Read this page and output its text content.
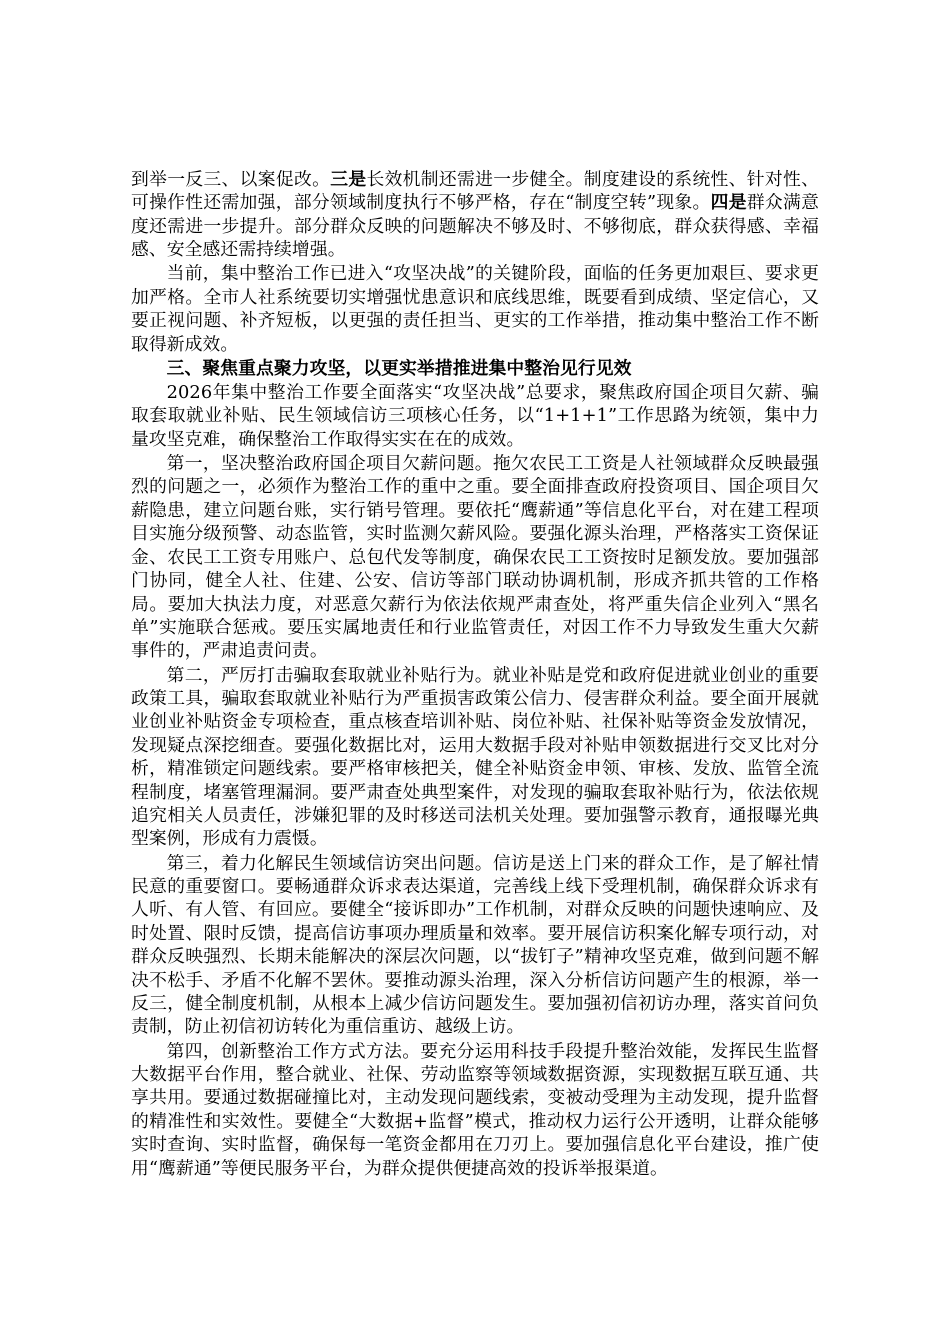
到举一反三、以案促改。三是长效机制还需进一步健全。制度建设的系统性、针对性、可操作性还需加强，部分领域制度执行不够严格，存在“制度空转”现象。四是群众满意度还需进一步提升。部分群众反映的问题解决不够及时、不够彻底，群众获得感、幸福感、安全感还需持续增强。

当前，集中整治工作已进入“攻坚决战”的关键阶段，面临的任务更加艰巨、要求更加严格。全市人社系统要切实增强忧患意识和底线思维，既要看到成绩、坚定信心，又要正视问题、补齐短板，以更强的责任担当、更实的工作举措，推动集中整治工作不断取得新成效。

三、聚焦重点聚力攻坚，以更实举措推进集中整治见行见效

2026年集中整治工作要全面落实“攻坚决战”总要求，聚焦政府国企项目欠薪、骗取套取就业补贴、民生领域信访三项核心任务，以“1+1+1”工作思路为统领，集中力量攻坚克难，确保整治工作取得实实在在的成效。

第一，坚决整治政府国企项目欠薪问题。拖欠农民工工资是人社领域群众反映最强烈的问题之一，必须作为整治工作的重中之重。要全面排查政府投资项目、国企项目欠薪隐患，建立问题台账，实行销号管理。要依托“鹰薪通”等信息化平台，对在建工程项目实施分级预警、动态监管，实时监测欠薪风险。要强化源头治理，严格落实工资保证金、农民工工资专用账户、总包代发等制度，确保农民工工资按时足额发放。要加强部门协同，健全人社、住建、公安、信访等部门联动协调机制，形成齐抓共管的工作格局。要加大执法力度，对恶意欠薪行为依法依规严肃查处，将严重失信企业列入“黑名单”实施联合惩戒。要压实属地责任和行业监管责任，对因工作不力导致发生重大欠薪事件的，严肃追责问责。

第二，严厉打击骗取套取就业补贴行为。就业补贴是党和政府促进就业创业的重要政策工具，骗取套取就业补贴行为严重损害政策公信力、侵害群众利益。要全面开展就业创业补贴资金专项检查，重点核查培训补贴、岗位补贴、社保补贴等资金发放情况，发现疑点深挖细查。要强化数据比对，运用大数据手段对补贴申领数据进行交叉比对分析，精准锁定问题线索。要严格审核把关，健全补贴资金申领、审核、发放、监管全流程制度，堵塞管理漏洞。要严肃查处典型案件，对发现的骗取套取补贴行为，依法依规追究相关人员责任，涉嫌犯罪的及时移送司法机关处理。要加强警示教育，通报曝光典型案例，形成有力震慑。

第三，着力化解民生领域信访突出问题。信访是送上门来的群众工作，是了解社情民意的重要窗口。要畅通群众诉求表达渠道，完善线上线下受理机制，确保群众诉求有人听、有人管、有回应。要健全“接诉即办”工作机制，对群众反映的问题快速响应、及时处置、限时反馈，提高信访事项办理质量和效率。要开展信访积案化解专项行动，对群众反映强烈、长期未能解决的深层次问题，以“拔钉子”精神攻坚克难，做到问题不解决不松手、矛盾不化解不罢休。要推动源头治理，深入分析信访问题产生的根源，举一反三，健全制度机制，从根本上减少信访问题发生。要加强初信初访办理，落实首问负责制，防止初信初访转化为重信重访、越级上访。

第四，创新整治工作方式方法。要充分运用科技手段提升整治效能，发挥民生监督大数据平台作用，整合就业、社保、劳动监察等领域数据资源，实现数据互联互通、共享共用。要通过数据碰撞比对，主动发现问题线索，变被动受理为主动发现，提升监督的精准性和实效性。要健全“大数据+监督”模式，推动权力运行公开透明，让群众能够实时查询、实时监督，确保每一笔资金都用在刀刃上。要加强信息化平台建设，推广使用“鹰薪通”等便民服务平台，为群众提供便捷高效的投诉举报渠道。
